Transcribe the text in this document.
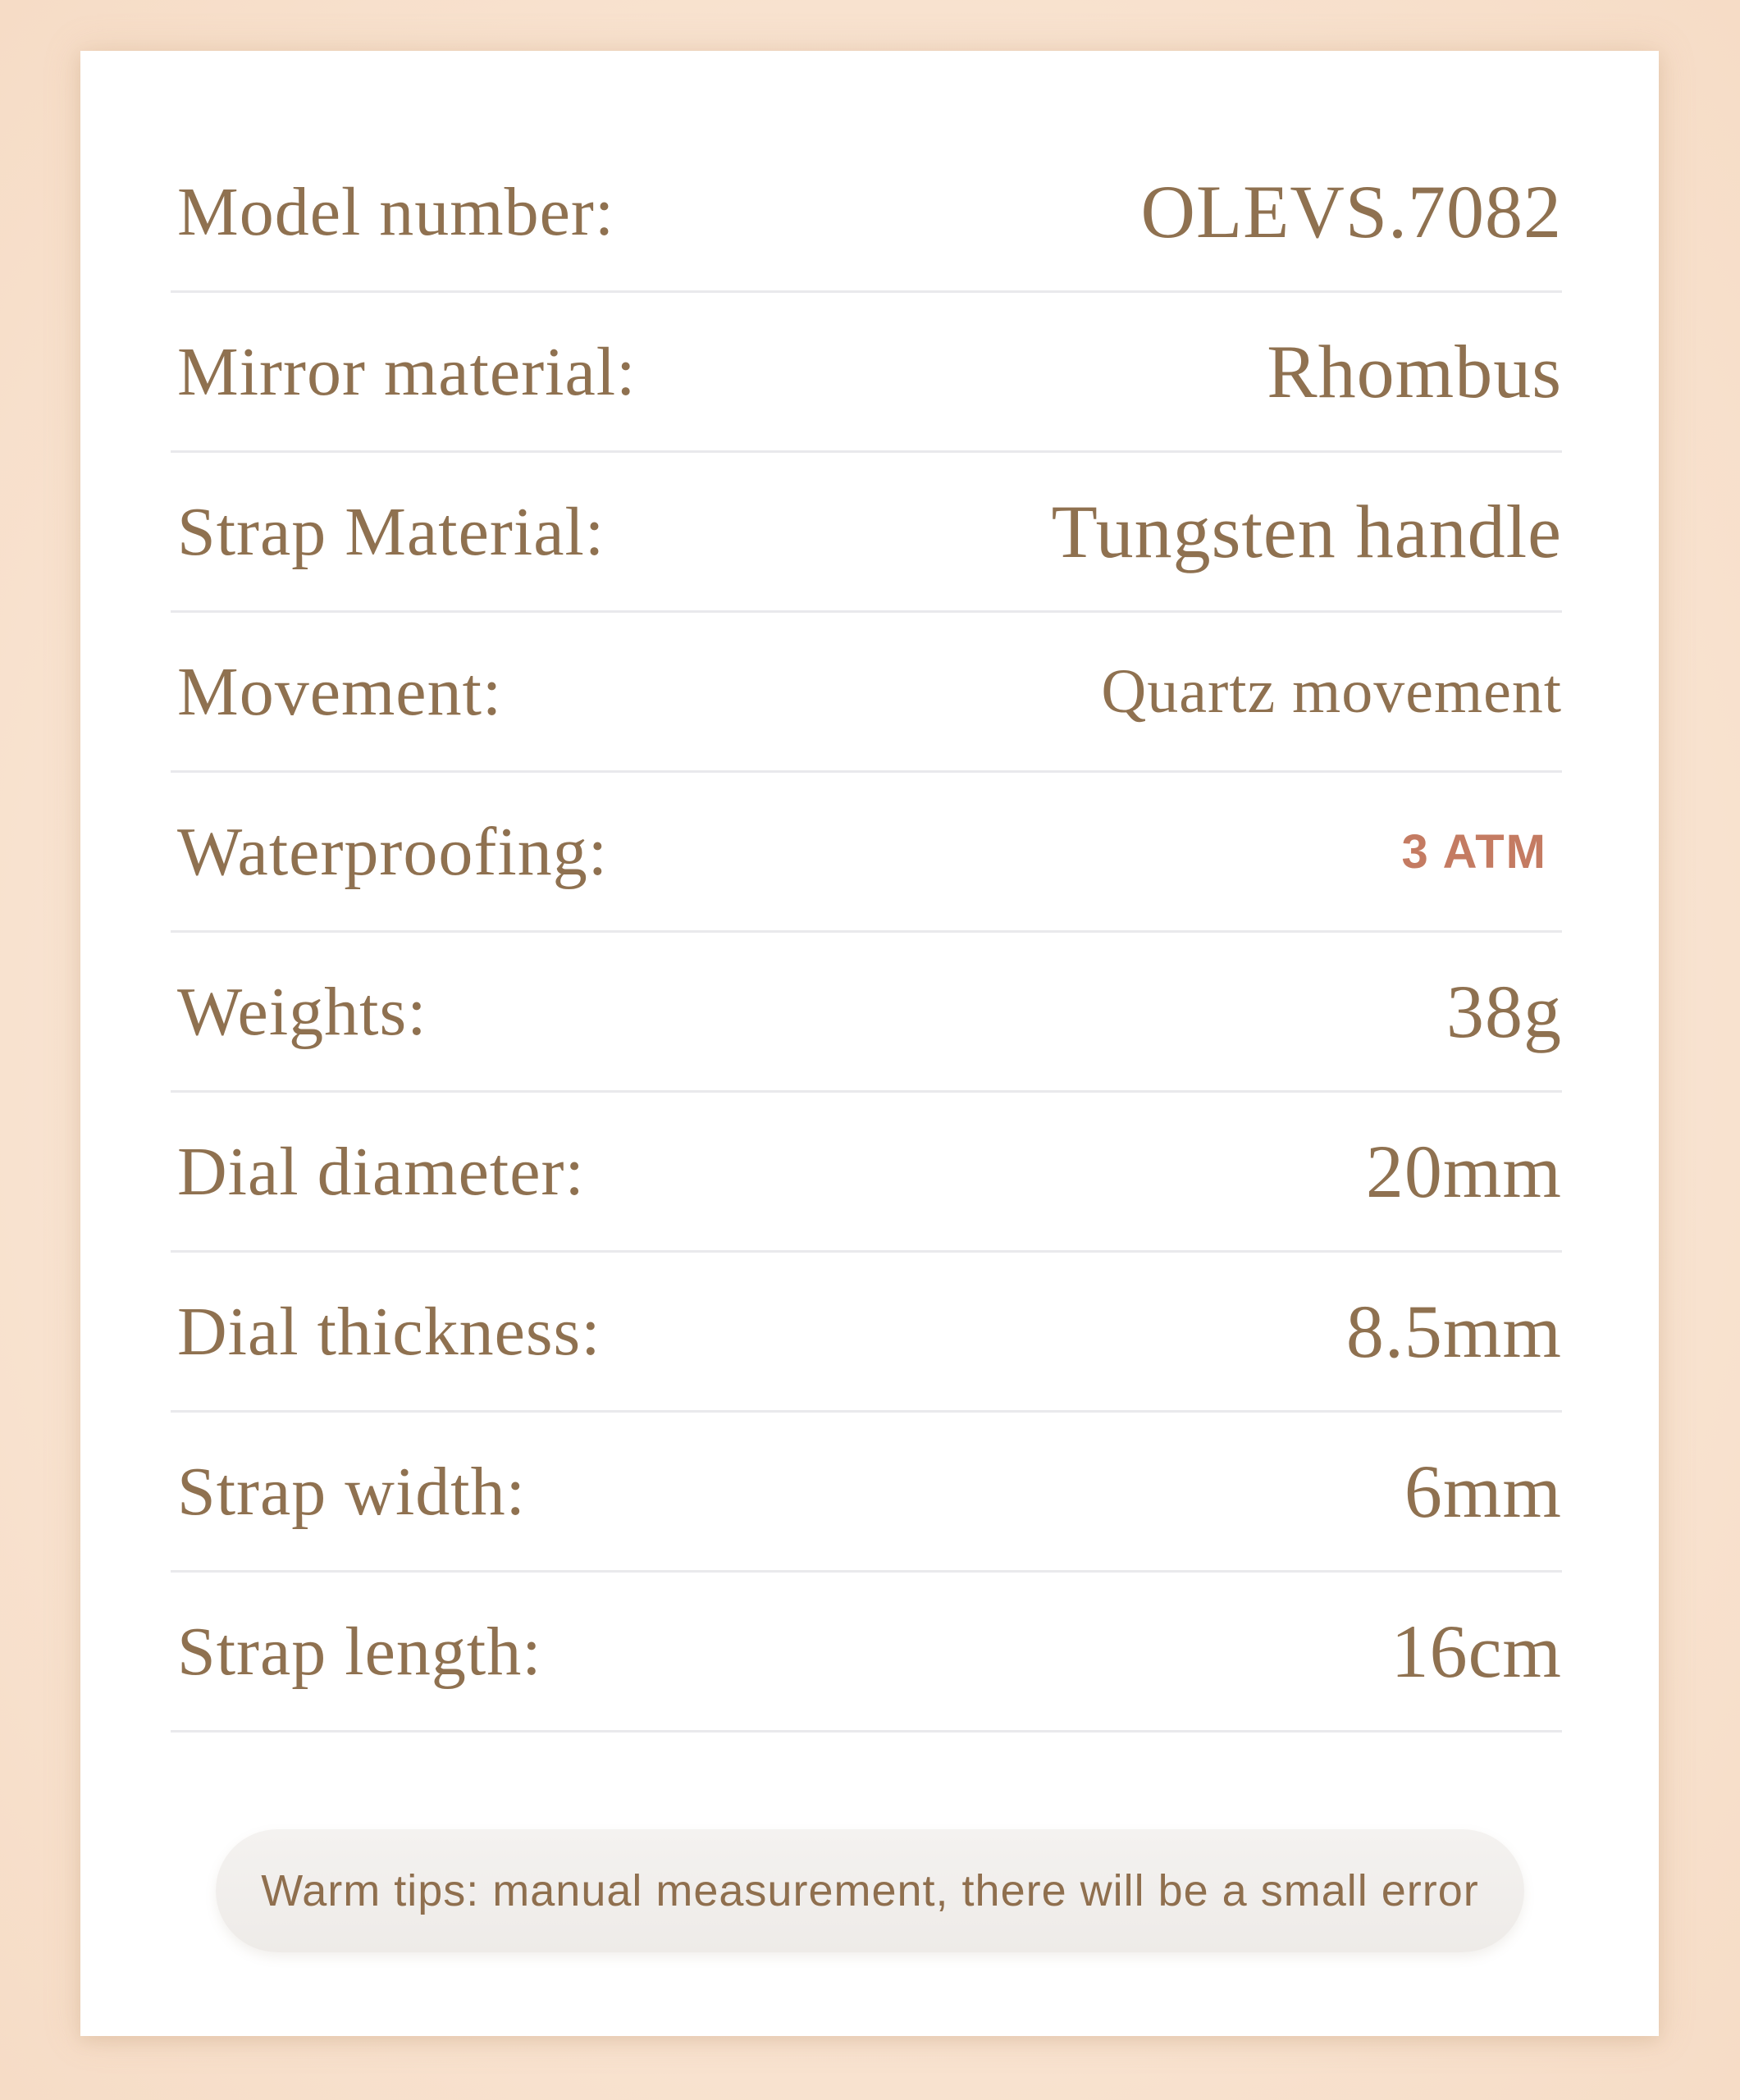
Model number:	OLEVS.7082
Mirror material:	Rhombus
Strap Material:	Tungsten handle
Movement:	Quartz movement
Waterproofing:	3 ATM
Weights:	38g
Dial diameter:	20mm
Dial thickness:	8.5mm
Strap width:	6mm
Strap length:	16cm
Warm tips: manual measurement, there will be a small error
